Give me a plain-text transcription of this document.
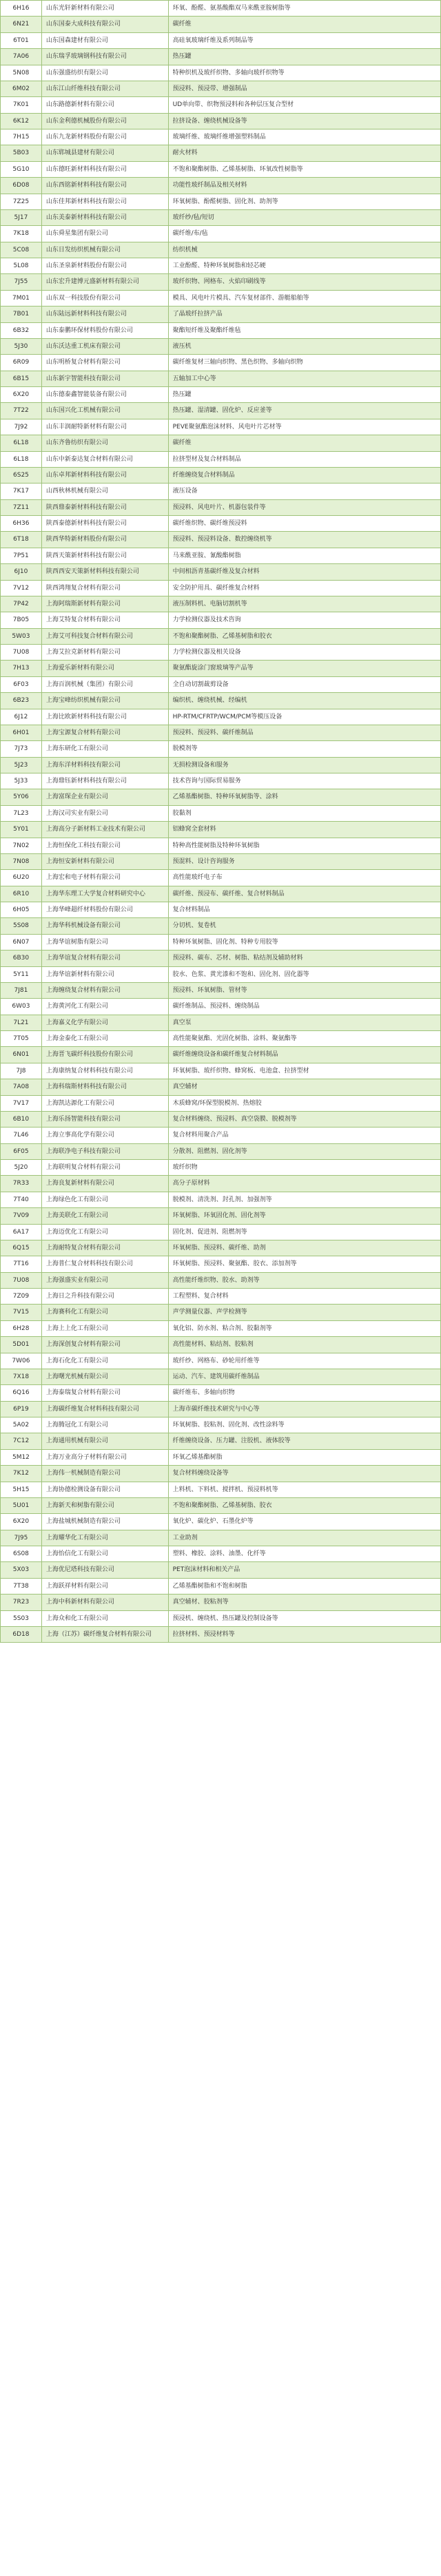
6H16	山东光轩新材料有限公司	环氧、酚醛、氨基酸酯双马来酰亚胺树脂等
6N21	山东国泰大成科技有限公司	碳纤维
6T01	山东国森建材有限公司	高硅氧玻璃纤维及系列制品等
7A06	山东瑞孚玻璃钢科技有限公司	热压罐
5N08	山东强盛纺织有限公司	特种织机及玻纤织物、多轴向玻纤织物等
6M02	山东江山纤维科技有限公司	预浸料、预浸带、增强制品
7K01	山东路德新材料有限公司	UD单向带、织物预浸料和各种层压复合型材
6K12	山东金利德机械股份有限公司	拉挤设备、缠绕机械设备等
7H15	山东九龙新材料股份有限公司	玻璃纤维、玻璃纤维增强塑料制品
5B03	山东郓城县建材有限公司	耐火材料
5G10	山东德旺新材料科技有限公司	不饱和聚酯树脂、乙烯基树脂、环氧改性树脂等
6D08	山东西铭新材料科技有限公司	功能性玻纤制品及相关材料
7Z25	山东佳邦新材料科技有限公司	环氧树脂、酚醛树脂、固化剂、助剂等
5J17	山东美泰新材料科技有限公司	玻纤纱/毡/短切
7K18	山东舜星集团有限公司	碳纤维/布/毡
5C08	山东日发纺织机械有限公司	纺织机械
5L08	山东圣泉新材料股份有限公司	工业酚醛、特种环氧树脂和轻芯硬
7J55	山东宏升建博元盛新材料有限公司	玻纤织物、网格布、火焰印刷线等
7M01	山东双一科技股份有限公司	模具、风电叶片模具、汽车复材部件、游艇船舶等
7B01	山东陆远新材料科技有限公司	了晶玻纤拉挤产品
6B32	山东泰鹏环保材料股份有限公司	聚酯短纤维及聚酯纤维毡
5J30	山东沃达重工机床有限公司	液压机
6R09	山东明桥复合材料有限公司	碳纤维复材三轴向织物、黑色织物、多轴向织物
6B15	山东新宇智能科技有限公司	五轴加工中心等
6X20	山东德泰鑫智能装备有限公司	热压罐
7T22	山东国兴化工机械有限公司	热压罐、湿清罐、固化炉、反应釜等
7J92	山东丰润耐特新材料有限公司	PEVE聚氨酯泡沫材料、风电叶片芯材等
6L18	山东齐鲁纺织有限公司	碳纤维
6L18	山东中新泰达复合材料有限公司	拉挤型材及复合材料制品
6S25	山东卓邦新材料科技有限公司	纤维缠绕复合材料制品
7K17	山西秋林机械有限公司	液压设备
7Z11	陕西鼎泰新材料科技有限公司	预浸料、风电叶片、机器包装件等
6H36	陕西泰德新材料科技有限公司	碳纤维织物、碳纤维预浸料
6T18	陕西华特新材料股份有限公司	预浸料、预浸料设备、数控缠绕机等
7P51	陕西天策新材料科技有限公司	马来酰亚胺、氰酸酯树脂
6J10	陕西西安天策新材料科技有限公司	中间相沥青基碳纤维及复合材料
7V12	陕西鸿翔复合材料有限公司	安全防护用具、碳纤维复合材料
7P42	上海阿瑞斯新材料有限公司	液压制料机、电脑切割机等
7B05	上海艾特复合材料有限公司	力学检测仪器及技术咨询
5W03	上海艾可科技复合材料有限公司	不饱和聚酯树脂、乙烯基树脂和胶衣
7U08	上海艾拉克新材料有限公司	力学检测仪器及相关设备
7H13	上海爱乐新材料有限公司	聚氨酯旋涂门窗玻璃等产品等
6F03	上海百润机械（集团）有限公司	全自动切割裁剪设备
6B23	上海宝峰纺织机械有限公司	编织机、缠绕机械、经编机
6J12	上海比欧新材料科技有限公司	HP-RTM/CFRTP/WCM/PCM等模压设备
6H01	上海宝源复合材料有限公司	预浸料、预浸料、碳纤维制品
7J73	上海东研化工有限公司	脱模剂等
5J23	上海东洋材料科技有限公司	无损检测设备和服务
5J33	上海鼎钰新材料科技有限公司	技术咨询与国际贸易服务
5Y06	上海富琛企业有限公司	乙烯基酯树脂、特种环氧树脂等、涂料
7L23	上海汉司实业有限公司	胶黏剂
5Y01	上海高分子新材料工业技术有限公司	铝蜂窝全套材料
7N02	上海恒保化工科技有限公司	特种高性能树脂及特种环氧树脂
7N08	上海恒安新材料有限公司	预混料、设计咨询服务
6U20	上海宏和电子材料有限公司	高性能玻纤电子布
6R10	上海华东理工大学复合材料研究中心	碳纤维、预浸布、碳纤维、复合材料制品
6H05	上海华峰超纤材料股份有限公司	复合材料制品
5S08	上海华科机械设备有限公司	分切机、复卷机
6N07	上海华谊树脂有限公司	特种环氧树脂、固化剂、特种专用胶等
6B30	上海华谊复合材料有限公司	预浸料、碳布、芯材、树脂、粘结剂及辅助材料
5Y11	上海华谊新材料有限公司	胶水、色浆、黄光漆和不饱和、固化剂、固化器等
7J81	上海缠绕复合材料有限公司	预浸料、环氧树脂、管材等
6W03	上海黄河化工有限公司	碳纤维制品、预浸料、缠绕制品
7L21	上海嘉义化学有限公司	真空泵
7T05	上海金泰化工有限公司	高性能聚氨酯、光固化树脂、涂料、聚氨酯等
6N01	上海晋飞碳纤科技股份有限公司	碳纤维缠绕设备和碳纤维复合材料制品
7J8	上海康纳复合材料科技有限公司	环氧树脂、玻纤织物、蜂窝板、电池盒、拉挤型材
7A08	上海科瑞斯材料科技有限公司	真空辅材
7V17	上海凯达源化工有限公司	木质蜂窝/环保型脱模剂、热熔胶
6B10	上海乐扬智能科技有限公司	复合材料缠绕、预浸料、真空袋膜、脱模剂等
7L46	上海立事高化学有限公司	复合材料用聚合产品
6F05	上海联净电子科技有限公司	分散剂、阻燃剂、固化剂等
5J20	上海联明复合材料有限公司	玻纤织物
7R33	上海良复新材料有限公司	高分子原材料
7T40	上海绿色化工有限公司	脱模剂、清洗剂、封孔剂、加强剂等
7V09	上海美联化工有限公司	环氧树脂、环氧固化剂、固化剂等
6A17	上海迈优化工有限公司	固化剂、促进剂、阻燃剂等
6Q15	上海耐特复合材料有限公司	环氧树脂、预浸料、碳纤维、助剂
7T16	上海普仁复合材料科技有限公司	环氧树脂、预浸料、聚氨酯、胶衣、添加剂等
7U08	上海强盛实业有限公司	高性能纤维织物、胶水、助剂等
7Z09	上海日之升科技有限公司	工程塑料、复合材料
7V15	上海赛科化工有限公司	声学测量仪器、声学检测等
6H28	上海上上化工有限公司	氧化铝、防水剂、粘合剂、胶黏剂等
5D01	上海深创复合材料有限公司	高性能材料、粘结剂、胶粘剂
7W06	上海石化化工有限公司	玻纤纱、网格布、砂轮用纤维等
7X18	上海曙光机械有限公司	运动、汽车、建筑用碳纤维制品
6Q16	上海泰瑞复合材料有限公司	碳纤维布、多轴向织物
6P19	上海碳纤维复合材料科技有限公司	上海市碳纤维技术研究与中心等
5A02	上海腾冠化工有限公司	环氧树脂、胶粘剂、固化剂、改性涂料等
7C12	上海通用机械有限公司	纤维缠绕设备、压力罐、注胶机、液体胶等
5M12	上海万业高分子材料有限公司	环氧乙烯基酯树脂
7K12	上海伟一机械制造有限公司	复合材料缠绕设备等
5H15	上海协德检测设备有限公司	上料机、下料机、搅拌机、预浸料机等
5U01	上海新天和树脂有限公司	不饱和聚酯树脂、乙烯基树脂、胶衣
6X20	上海盐城机械制造有限公司	氧化炉、碳化炉、石墨化炉等
7J95	上海耀华化工有限公司	工业助剂
6S08	上海怡信化工有限公司	塑料、橡胶、涂料、油墨、化纤等
5X03	上海优尼塔科技有限公司	PET泡沫材料和相关产品
7T38	上海跃祥材料有限公司	乙烯基酯树脂和不饱和树脂
7R23	上海中科新材料有限公司	真空辅材、胶粘剂等
5S03	上海众和化工有限公司	预浸机、缠绕机、热压罐及控制设备等
6D18	上海（江苏）碳纤维复合材料有限公司	拉挤材料、预浸材料等
